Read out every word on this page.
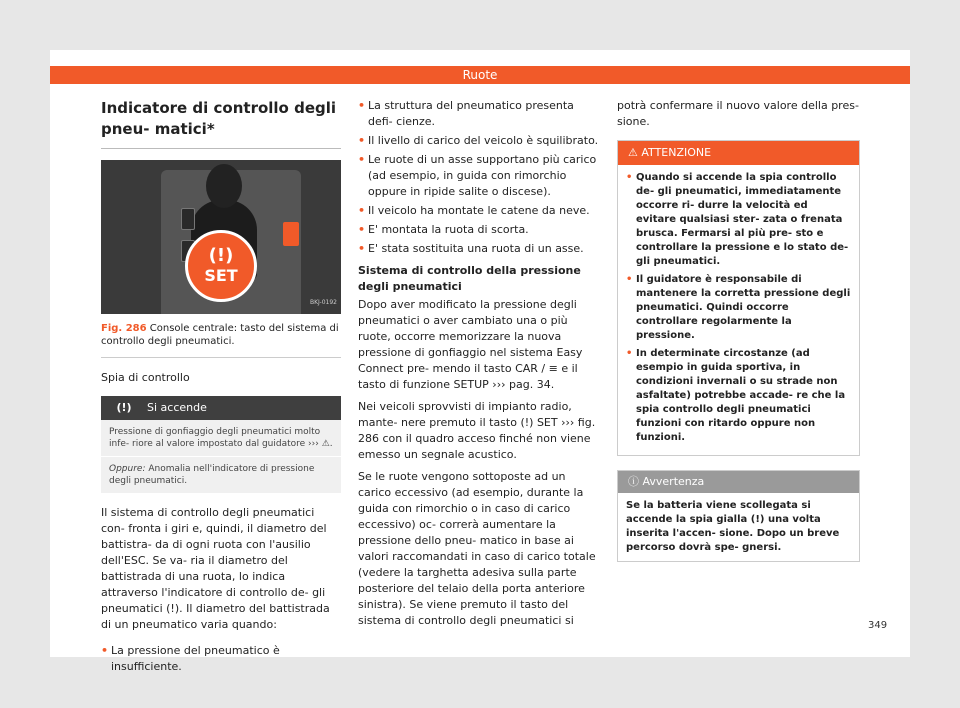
Ruote
Indicatore di controllo degli pneu- matici*
(!)
SET
BKJ-0192
Fig. 286 Console centrale: tasto del sistema di controllo degli pneumatici.
Spia di controllo
(!)	Si accende
Pressione di gonfiaggio degli pneumatici molto infe- riore al valore impostato dal guidatore ››› ⚠.
Oppure: Anomalia nell'indicatore di pressione degli pneumatici.

Il sistema di controllo degli pneumatici con- fronta i giri e, quindi, il diametro del battistra- da di ogni ruota con l'ausilio dell'ESC. Se va- ria il diametro del battistrada di una ruota, lo indica attraverso l'indicatore di controllo de- gli pneumatici (!). Il diametro del battistrada di un pneumatico varia quando:

• La pressione del pneumatico è insufficiente.
• La struttura del pneumatico presenta defi- cienze.
• Il livello di carico del veicolo è squilibrato.
• Le ruote di un asse supportano più carico (ad esempio, in guida con rimorchio oppure in ripide salite o discese).
• Il veicolo ha montate le catene da neve.
• E' montata la ruota di scorta.
• E' stata sostituita una ruota di un asse.
Sistema di controllo della pressione degli pneumatici

Dopo aver modificato la pressione degli pneumatici o aver cambiato una o più ruote, occorre memorizzare la nuova pressione di gonfiaggio nel sistema Easy Connect pre- mendo il tasto CAR / ≡ e il tasto di funzione SETUP ››› pag. 34.

Nei veicoli sprovvisti di impianto radio, mante- nere premuto il tasto (!) SET ››› fig. 286 con il quadro acceso finché non viene emesso un segnale acustico.

Se le ruote vengono sottoposte ad un carico eccessivo (ad esempio, durante la guida con rimorchio o in caso di carico eccessivo) oc- correrà aumentare la pressione dello pneu- matico in base ai valori raccomandati in caso di carico totale (vedere la targhetta adesiva sulla parte posteriore del telaio della porta anteriore sinistra). Se viene premuto il tasto del sistema di controllo degli pneumatici si

potrà confermare il nuovo valore della pres- sione.

⚠ ATTENZIONE
• Quando si accende la spia controllo de- gli pneumatici, immediatamente occorre ri- durre la velocità ed evitare qualsiasi ster- zata o frenata brusca. Fermarsi al più pre- sto e controllare la pressione e lo stato de- gli pneumatici.
• Il guidatore è responsabile di mantenere la corretta pressione degli pneumatici. Quindi occorre controllare regolarmente la pressione.
• In determinate circostanze (ad esempio in guida sportiva, in condizioni invernali o su strade non asfaltate) potrebbe accade- re che la spia controllo degli pneumatici funzioni con ritardo oppure non funzioni.
ⓘ Avvertenza
Se la batteria viene scollegata si accende la spia gialla (!) una volta inserita l'accen- sione. Dopo un breve percorso dovrà spe- gnersi.
349
